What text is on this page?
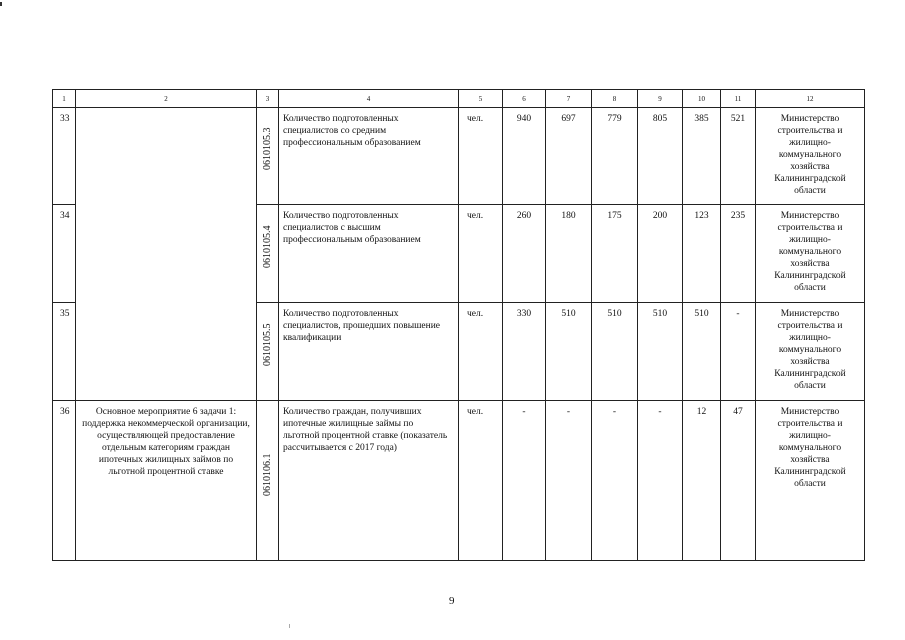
1	2	3	4	5	6	7	8	9	10	11	12
33		0610105.3	Количество подготовленных специалистов со средним профессиональным образованием	чел.	940	697	779	805	385	521	Министерство строительства и жилищно-коммунального хозяйства Калининградской области
34		0610105.4	Количество подготовленных специалистов с высшим профессиональным образованием	чел.	260	180	175	200	123	235	Министерство строительства и жилищно-коммунального хозяйства Калининградской области
35		0610105.5	Количество подготовленных специалистов, прошедших повышение квалификации	чел.	330	510	510	510	510	-	Министерство строительства и жилищно-коммунального хозяйства Калининградской области
36	Основное мероприятие 6 задачи 1: поддержка некоммерческой организации, осуществляющей предоставление отдельным категориям граждан ипотечных жилищных займов по льготной процентной ставке	0610106.1	Количество граждан, получивших ипотечные жилищные займы по льготной процентной ставке (показатель рассчитывается с 2017 года)	чел.	-	-	-	-	12	47	Министерство строительства и жилищно-коммунального хозяйства Калининградской области
9
